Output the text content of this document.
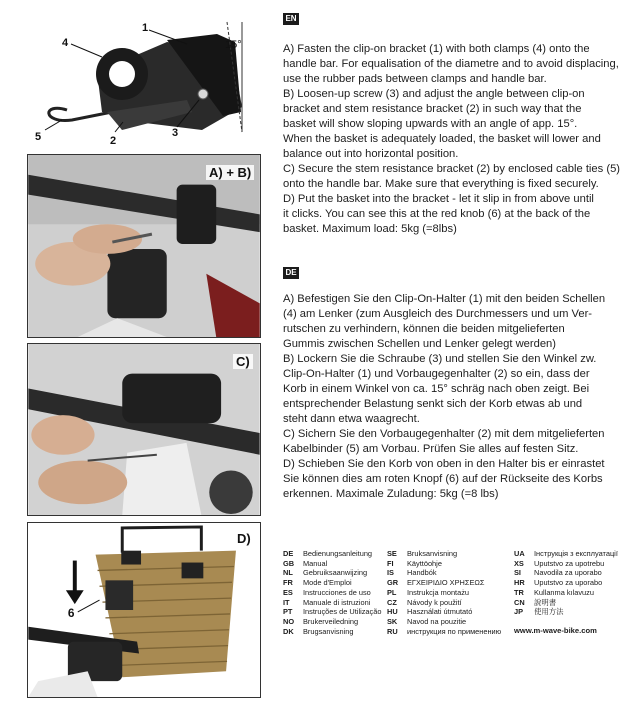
1
4
5	2
3
15°
A) + B)
C)
6
D)
EN

A) Fasten the clip-on bracket (1) with both clamps (4) onto the

handle bar. For equalisation of the diametre and to avoid displacing,

use the rubber pads between clamps and handle bar.

B) Loosen-up screw (3) and adjust the angle between clip-on

bracket and stem resistance bracket (2) in such way that the

basket will show sloping upwards with an angle of app. 15°.

When the basket is adequately loaded, the basket will lower and

balance out into horizontal position.

C) Secure the stem resistance bracket (2) by enclosed cable ties (5)

onto the handle bar. Make sure that everything is fixed securely.

D) Put the basket into the bracket - let it slip in from above until

it clicks. You can see this at the red knob (6) at the back of the

basket. Maximum load: 5kg (=8lbs)

DE

A) Befestigen Sie den Clip-On-Halter (1) mit den beiden Schellen

(4) am Lenker (zum Ausgleich des Durchmessers und um Ver-

rutschen zu verhindern, können die beiden mitgelieferten

Gummis zwischen Schellen und Lenker gelegt werden)

B) Lockern Sie die Schraube (3) und stellen Sie den Winkel zw.

Clip-On-Halter (1) und Vorbaugegenhalter (2) so ein, dass der

Korb in einem Winkel von ca. 15° schräg nach oben zeigt. Bei

entsprechender Belastung senkt sich der Korb etwas ab und

steht dann etwa waagrecht.

C) Sichern Sie den Vorbaugegenhalter (2) mit dem mitgelieferten

Kabelbinder (5) am Vorbau. Prüfen Sie alles auf festen Sitz.

D) Schieben Sie den Korb von oben in den Halter bis er einrastet

Sie können dies am roten Knopf (6) auf der Rückseite des Korbs

erkennen. Maximale Zuladung: 5kg (=8 lbs)

DE Bedienungsanleitung
GB Manual
NL Gebruiksaanwijzing
FR Mode d'Emploi
ES Instrucciones de uso
IT Manuale di istruzioni
PT Instruções de Utilização
NO Brukerveiledning
DK Brugsanvisning
SE Bruksanvisning
FI Käyttöohje
IS Handbók
GR ΕΓΧΕΙΡΙΔΙΟ ΧΡΗΣΕΩΣ
PL Instrukcja montażu
CZ Návody k použití
HU Használati útmutató
SK Navod na pouzitie
RU инструкция по применению
UA Інструкція з експлуатації
XS Uputstvo za upotrebu
SI Navodila za uporabo
HR Uputstvo za uporabo
TR Kullanma kılavuzu
CN 說明書
JP 使用方法
www.m-wave-bike.com
